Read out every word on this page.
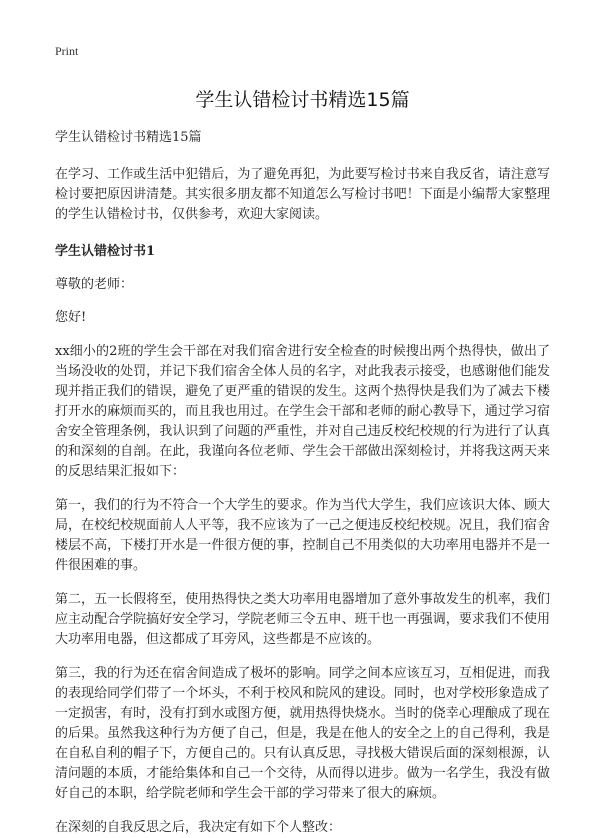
Print

学生认错检讨书精选15篇

学生认错检讨书精选15篇

在学习、工作或生活中犯错后，为了避免再犯，为此要写检讨书来自我反省，请注意写检讨要把原因讲清楚。其实很多朋友都不知道怎么写检讨书吧！下面是小编帮大家整理的学生认错检讨书，仅供参考，欢迎大家阅读。

学生认错检讨书1

尊敬的老师：

您好!

xx细小的2班的学生会干部在对我们宿舍进行安全检查的时候搜出两个热得快，做出了当场没收的处罚，并记下我们宿舍全体人员的名字，对此我表示接受，也感谢他们能发现并指正我们的错误，避免了更严重的错误的发生。这两个热得快是我们为了减去下楼打开水的麻烦而买的，而且我也用过。在学生会干部和老师的耐心教导下，通过学习宿舍安全管理条例，我认识到了问题的严重性，并对自己违反校纪校规的行为进行了认真的和深刻的自剖。在此，我谨向各位老师、学生会干部做出深刻检讨，并将我这两天来的反思结果汇报如下：

第一，我们的行为不符合一个大学生的要求。作为当代大学生，我们应该识大体、顾大局，在校纪校规面前人人平等，我不应该为了一己之便违反校纪校规。况且，我们宿舍楼层不高，下楼打开水是一件很方便的事，控制自己不用类似的大功率用电器并不是一件很困难的事。

第二，五一长假将至，使用热得快之类大功率用电器增加了意外事故发生的机率，我们应主动配合学院搞好安全学习，学院老师三令五申、班干也一再强调，要求我们不使用大功率用电器，但这都成了耳旁风，这些都是不应该的。

第三，我的行为还在宿舍间造成了极坏的影响。同学之间本应该互习，互相促进，而我的表现给同学们带了一个坏头，不利于校风和院风的建设。同时，也对学校形象造成了一定损害，有时，没有打到水或图方便，就用热得快烧水。当时的侥幸心理酿成了现在的后果。虽然我这种行为方便了自己，但是，我是在他人的安全之上的自己得利，我是在自私自利的帽子下，方便自己的。只有认真反思，寻找极大错误后面的深刻根源，认清问题的本质，才能给集体和自己一个交待，从而得以进步。做为一名学生，我没有做好自己的本职，给学院老师和学生会干部的学习带来了很大的麻烦。

在深刻的自我反思之后，我决定有如下个人整改：
